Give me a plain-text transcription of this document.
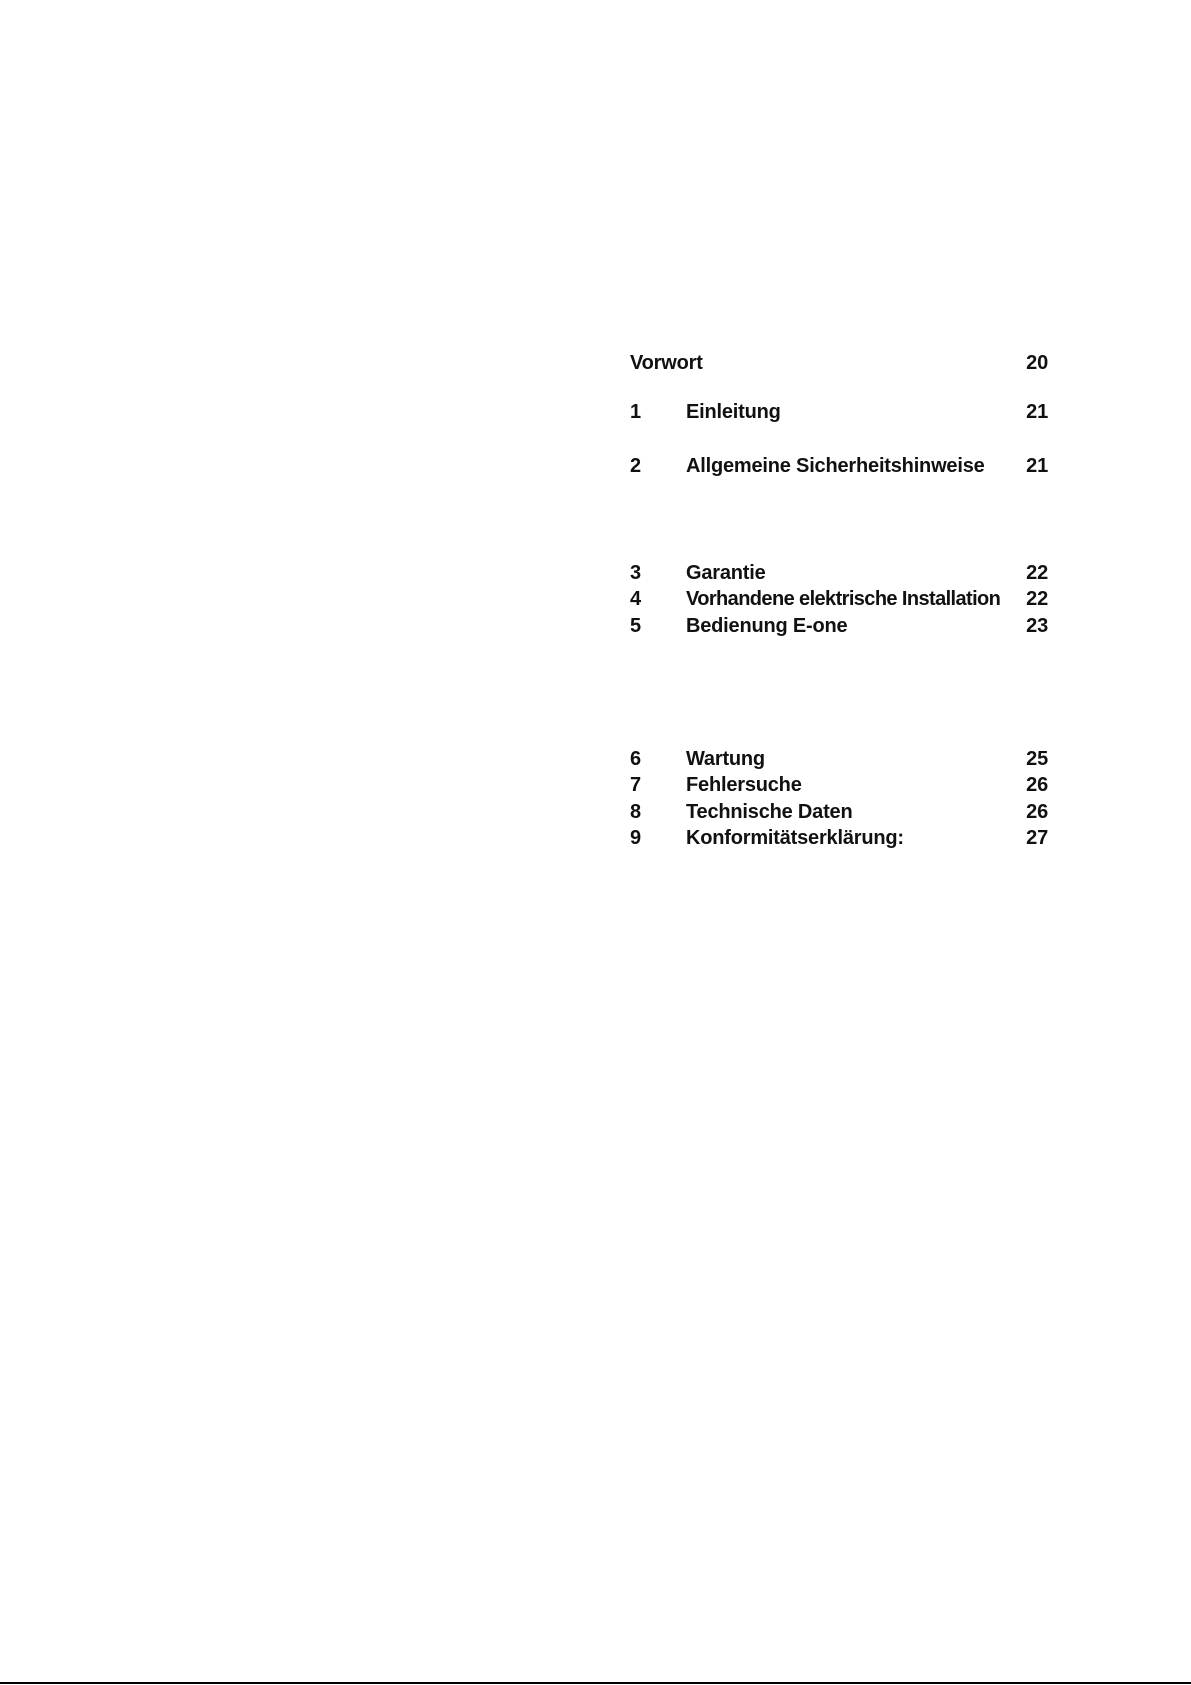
Vorwort	20
1 Einleitung	21
2 Allgemeine Sicherheitshinweise 21
3 Garantie	22
4 Vorhandene elektrische Installation 22
5 Bedienung E-one	23
6 Wartung	25
7 Fehlersuche	26
8 Technische Daten	26
9 Konformitätserklärung:	27
